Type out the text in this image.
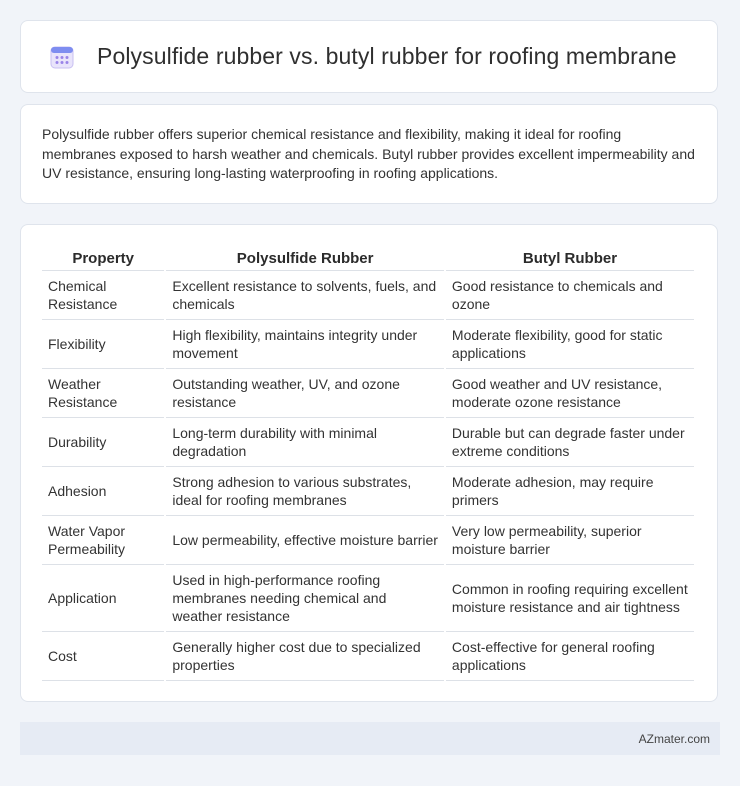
Polysulfide rubber vs. butyl rubber for roofing membrane

Polysulfide rubber offers superior chemical resistance and flexibility, making it ideal for roofing membranes exposed to harsh weather and chemicals. Butyl rubber provides excellent impermeability and UV resistance, ensuring long-lasting waterproofing in roofing applications.

Property	Polysulfide Rubber	Butyl Rubber
Chemical Resistance	Excellent resistance to solvents, fuels, and chemicals	Good resistance to chemicals and ozone
Flexibility	High flexibility, maintains integrity under movement	Moderate flexibility, good for static applications
Weather Resistance	Outstanding weather, UV, and ozone resistance	Good weather and UV resistance, moderate ozone resistance
Durability	Long-term durability with minimal degradation	Durable but can degrade faster under extreme conditions
Adhesion	Strong adhesion to various substrates, ideal for roofing membranes	Moderate adhesion, may require primers
Water Vapor Permeability	Low permeability, effective moisture barrier	Very low permeability, superior moisture barrier
Application	Used in high-performance roofing membranes needing chemical and weather resistance	Common in roofing requiring excellent moisture resistance and air tightness
Cost	Generally higher cost due to specialized properties	Cost-effective for general roofing applications
AZmater.com
